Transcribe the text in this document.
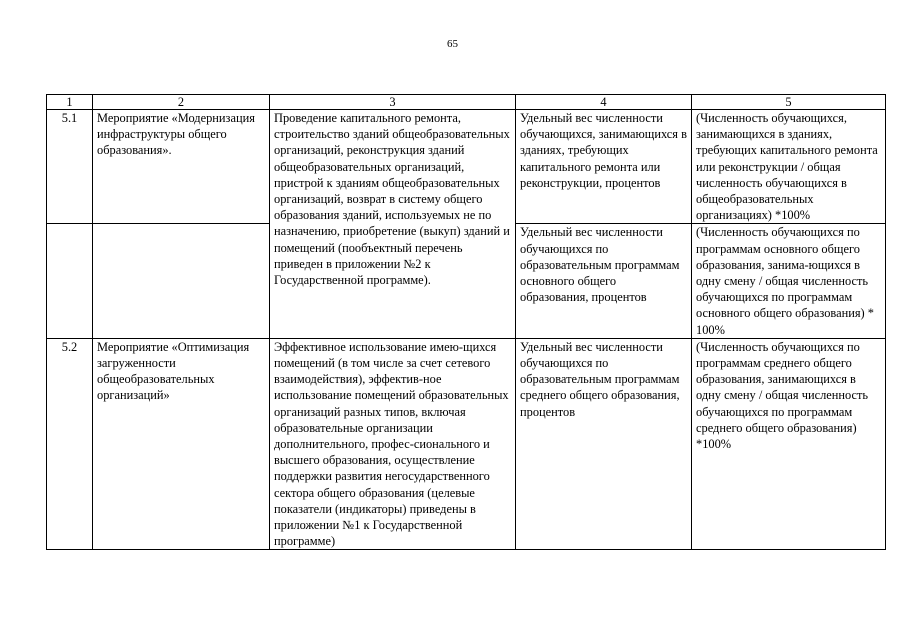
65
1	2	3	4	5
5.1	Мероприятие «Модернизация инфраструктуры общего образования».	Проведение капитального ремонта, строительство зданий общеобразовательных организаций, реконструкция зданий общеобразовательных организаций, пристрой к зданиям общеобразовательных организаций, возврат в систему общего образования зданий, используемых не по назначению, приобретение (выкуп) зданий и помещений (пообъектный перечень приведен в приложении №2 к Государственной программе).	Удельный вес численности обучающихся, занимающихся в зданиях, требующих капитального ремонта или реконструкции, процентов	(Численность обучающихся, занимающихся в зданиях, требующих капитального ремонта или реконструкции / общая численность обучающихся в общеобразовательных организациях) *100%
			Удельный вес численности обучающихся по образовательным программам основного общего образования, процентов	(Численность обучающихся по программам основного общего образования, занима-ющихся в одну смену / общая численность обучающихся по программам основного общего образования) * 100%
5.2	Мероприятие «Оптимизация загруженности общеобразовательных организаций»	Эффективное использование имею-щихся помещений (в том числе за счет сетевого взаимодействия), эффектив-ное использование помещений образовательных организаций разных типов, включая образовательные организации дополнительного, профес-сионального и высшего образования, осуществление поддержки развития негосударственного сектора общего образования (целевые показатели (индикаторы) приведены в приложении №1 к Государственной программе)	Удельный вес численности обучающихся по образовательным программам среднего общего образования, процентов	(Численность обучающихся по программам среднего общего образования, занимающихся в одну смену / общая численность обучающихся по программам среднего общего образования) *100%
